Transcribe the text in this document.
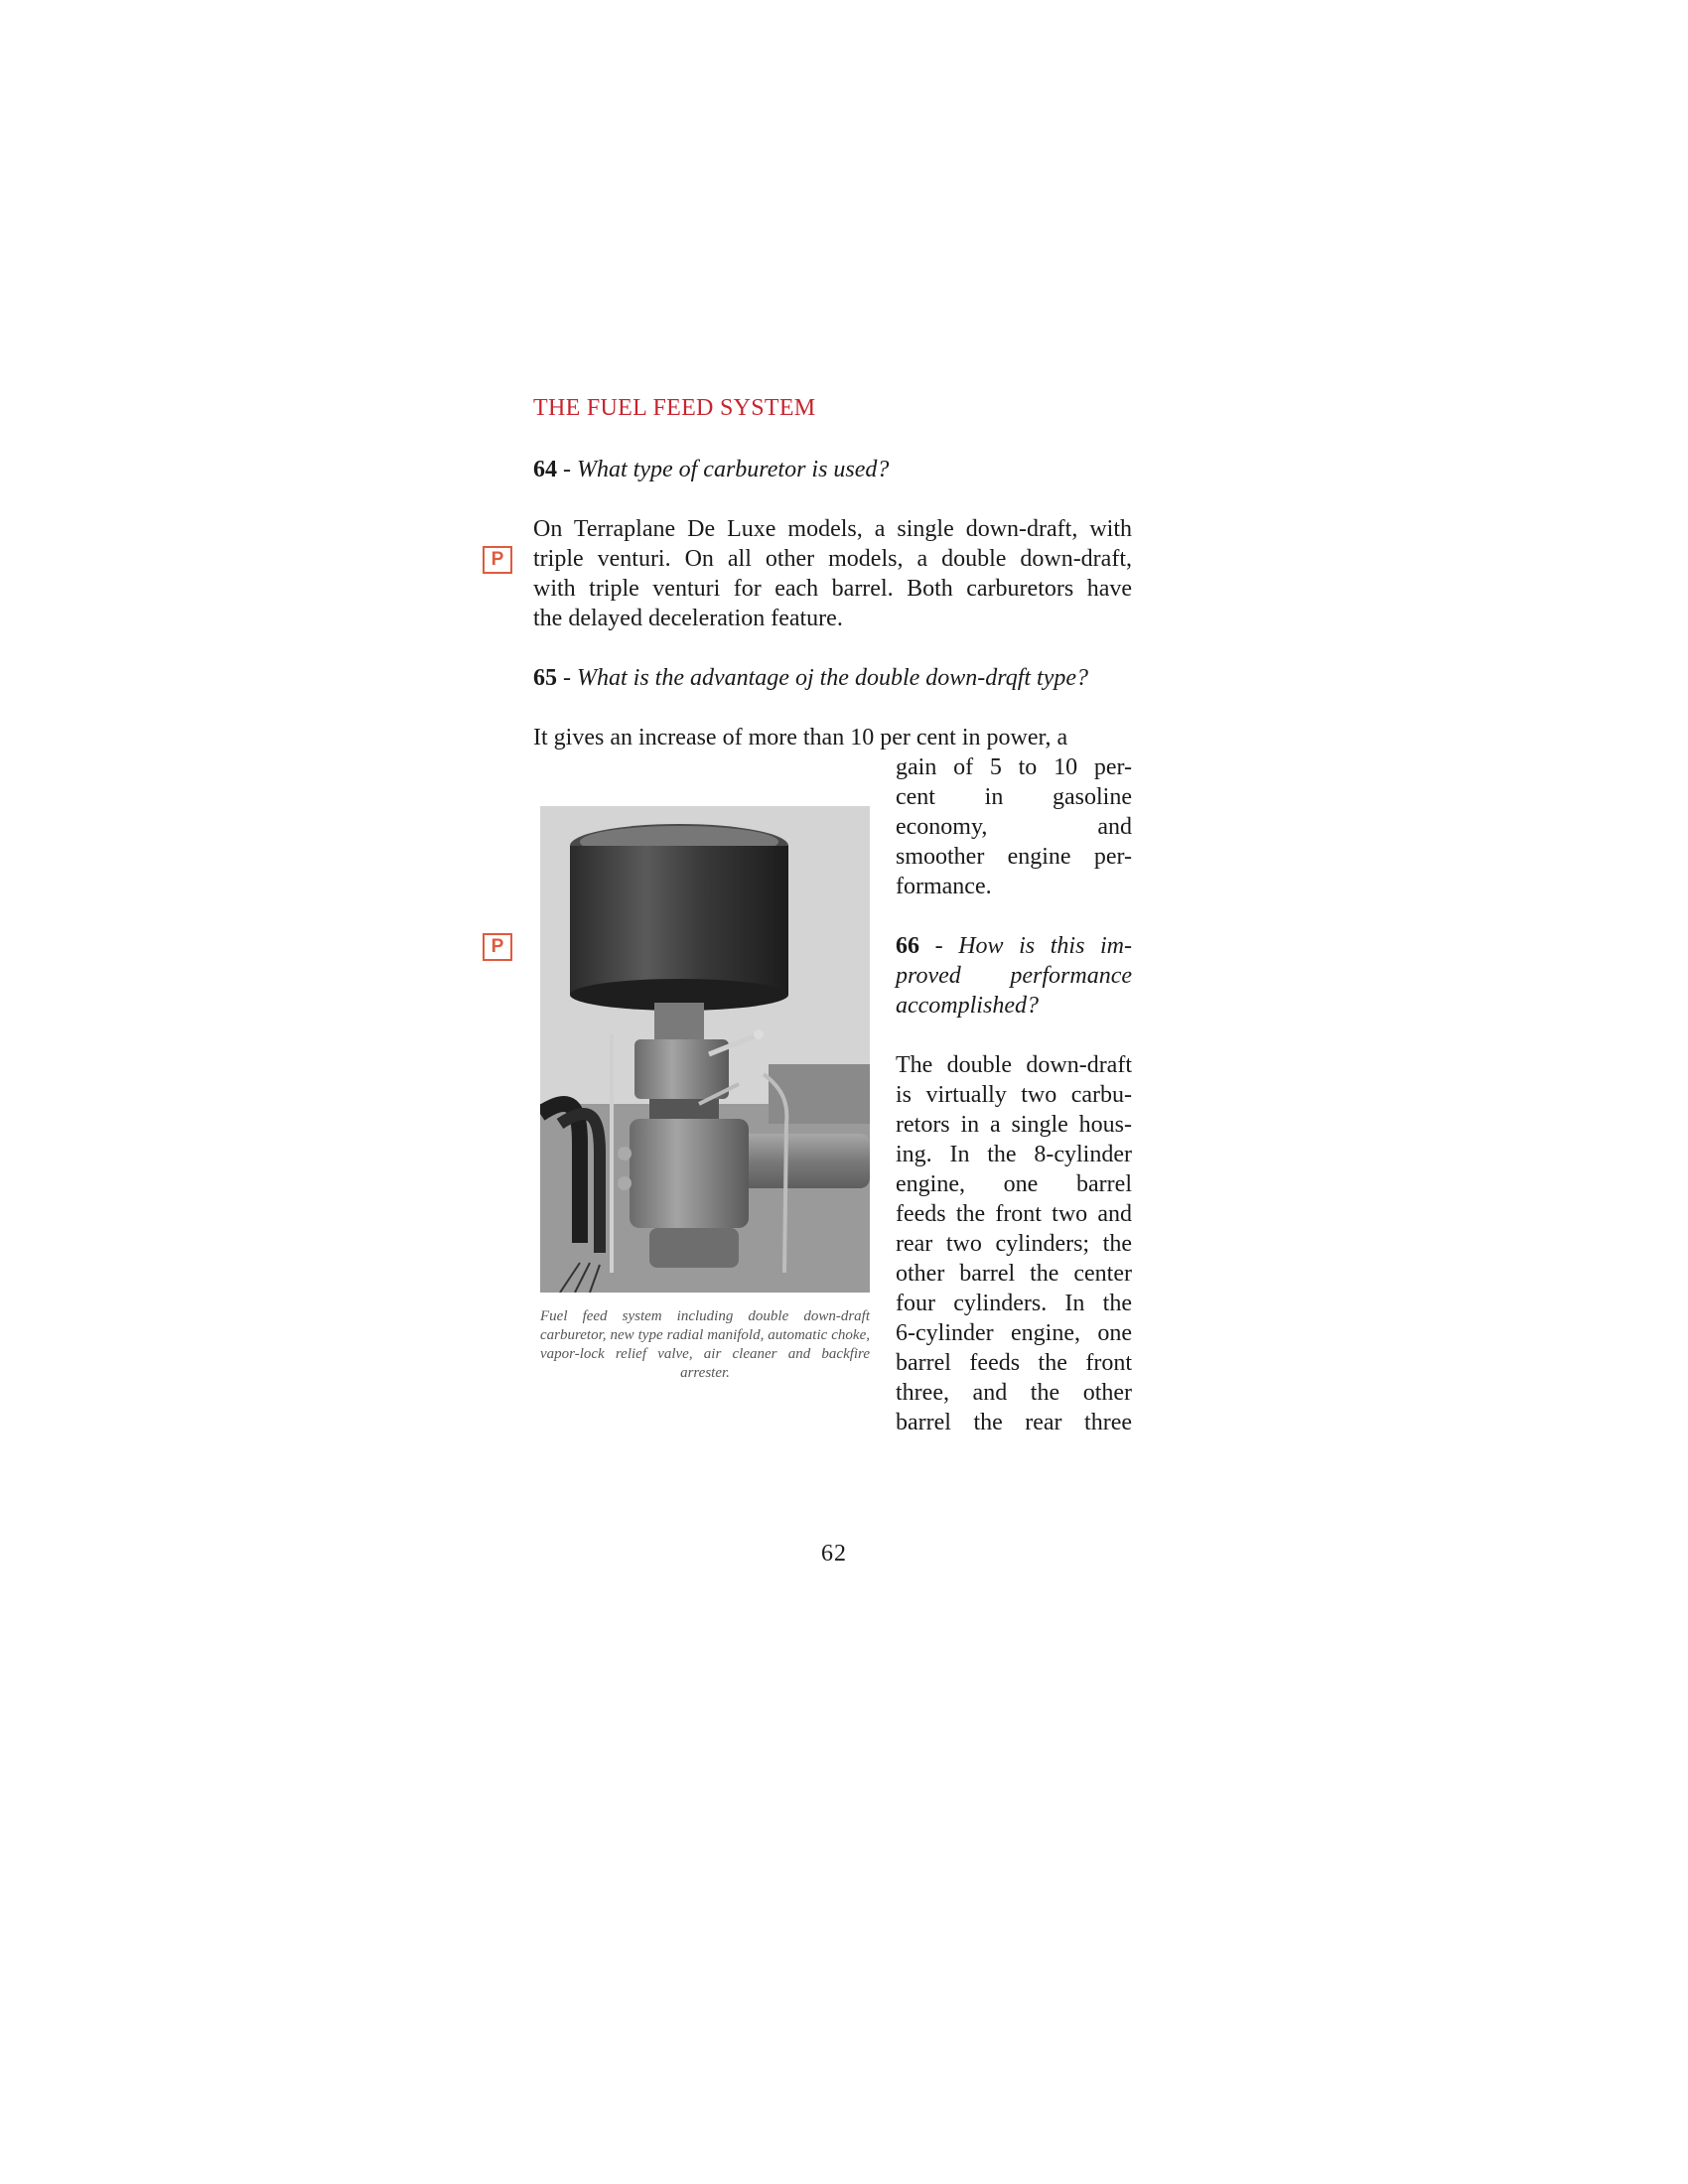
THE FUEL FEED SYSTEM
64 - What type of carburetor is used?
On Terraplane De Luxe models, a single down-draft, with
triple venturi. On all other models, a double down-draft,
with triple venturi for each barrel. Both carburetors have
the delayed deceleration feature.
P
65 - What is the advantage oj the double down-drqft type?
It gives an increase of more than 10 per cent in power, a
gain of 5 to 10 per-
cent in gasoline
economy, and
smoother engine per-
formance.
Fuel feed system including double down-draft carburetor, new type radial manifold, automatic choke, vapor-lock relief valve, air cleaner and backfire arrester.
P	66 - How is this im-
proved performance
accomplished?
The double down-draft
is virtually two carbu-
retors in a single hous-
ing. In the 8-cylinder
engine, one barrel
feeds the front two and
rear two cylinders; the
other barrel the center
four cylinders. In the
6-cylinder engine, one
barrel feeds the front
three, and the other
barrel the rear three
62
